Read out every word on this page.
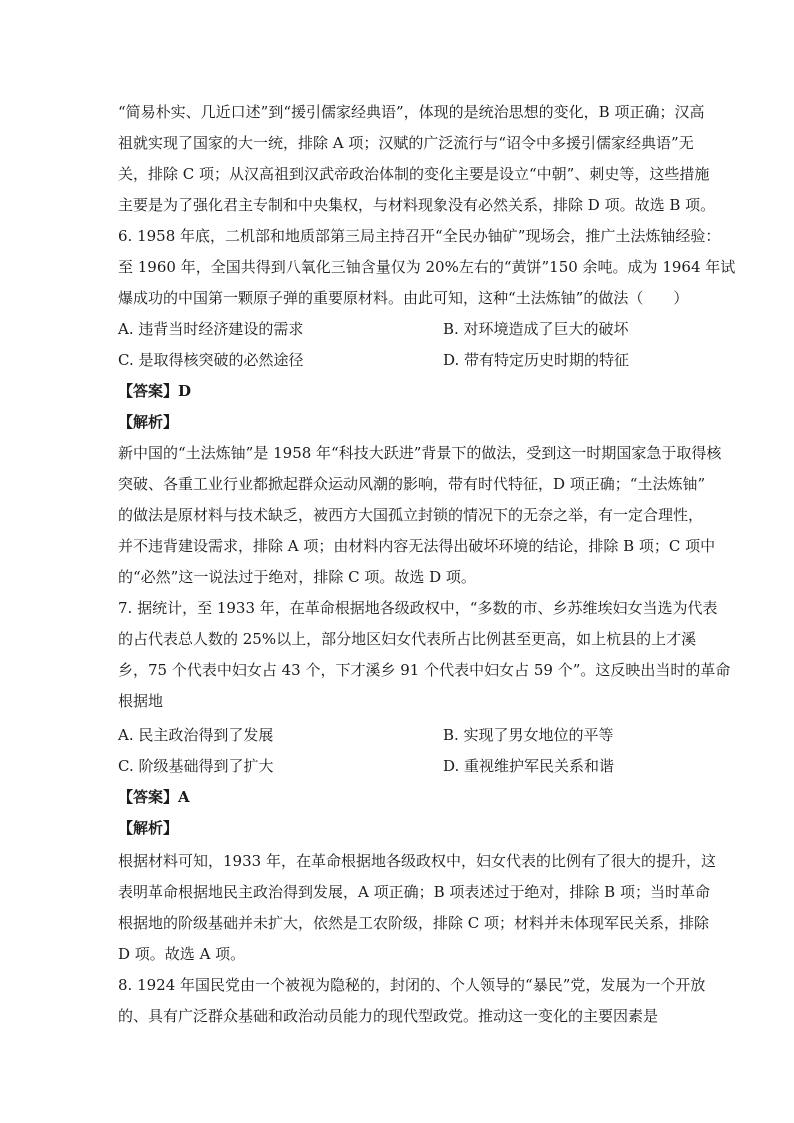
“简易朴实、几近口述”到“援引儒家经典语”，体现的是统治思想的变化，B 项正确；汉高
祖就实现了国家的大一统，排除 A 项；汉赋的广泛流行与“诏令中多援引儒家经典语”无
关，排除 C 项；从汉高祖到汉武帝政治体制的变化主要是设立“中朝”、刺史等，这些措施
主要是为了强化君主专制和中央集权，与材料现象没有必然关系，排除 D 项。故选 B 项。
6. 1958 年底，二机部和地质部第三局主持召开“全民办铀矿”现场会，推广土法炼铀经验：
至 1960 年，全国共得到八氧化三铀含量仅为 20%左右的“黄饼”150 余吨。成为 1964 年试
爆成功的中国第一颗原子弹的重要原材料。由此可知，这种“土法炼铀”的做法（　　）
A. 违背当时经济建设的需求	B. 对环境造成了巨大的破坏
C. 是取得核突破的必然途径	D. 带有特定历史时期的特征
【答案】D
【解析】
新中国的“土法炼铀”是 1958 年“科技大跃进”背景下的做法，受到这一时期国家急于取得核
突破、各重工业行业都掀起群众运动风潮的影响，带有时代特征，D 项正确；“土法炼铀”
的做法是原材料与技术缺乏，被西方大国孤立封锁的情况下的无奈之举，有一定合理性，
并不违背建设需求，排除 A 项；由材料内容无法得出破坏环境的结论，排除 B 项；C 项中
的“必然”这一说法过于绝对，排除 C 项。故选 D 项。
7. 据统计，至 1933 年，在革命根据地各级政权中，“多数的市、乡苏维埃妇女当选为代表
的占代表总人数的 25%以上，部分地区妇女代表所占比例甚至更高，如上杭县的上才溪
乡，75 个代表中妇女占 43 个，下才溪乡 91 个代表中妇女占 59 个”。这反映出当时的革命
根据地
A. 民主政治得到了发展	B. 实现了男女地位的平等
C. 阶级基础得到了扩大	D. 重视维护军民关系和谐
【答案】A
【解析】
根据材料可知，1933 年，在革命根据地各级政权中，妇女代表的比例有了很大的提升，这
表明革命根据地民主政治得到发展，A 项正确；B 项表述过于绝对，排除 B 项；当时革命
根据地的阶级基础并未扩大，依然是工农阶级，排除 C 项；材料并未体现军民关系，排除
D 项。故选 A 项。
8. 1924 年国民党由一个被视为隐秘的，封闭的、个人领导的“暴民”党，发展为一个开放
的、具有广泛群众基础和政治动员能力的现代型政党。推动这一变化的主要因素是
